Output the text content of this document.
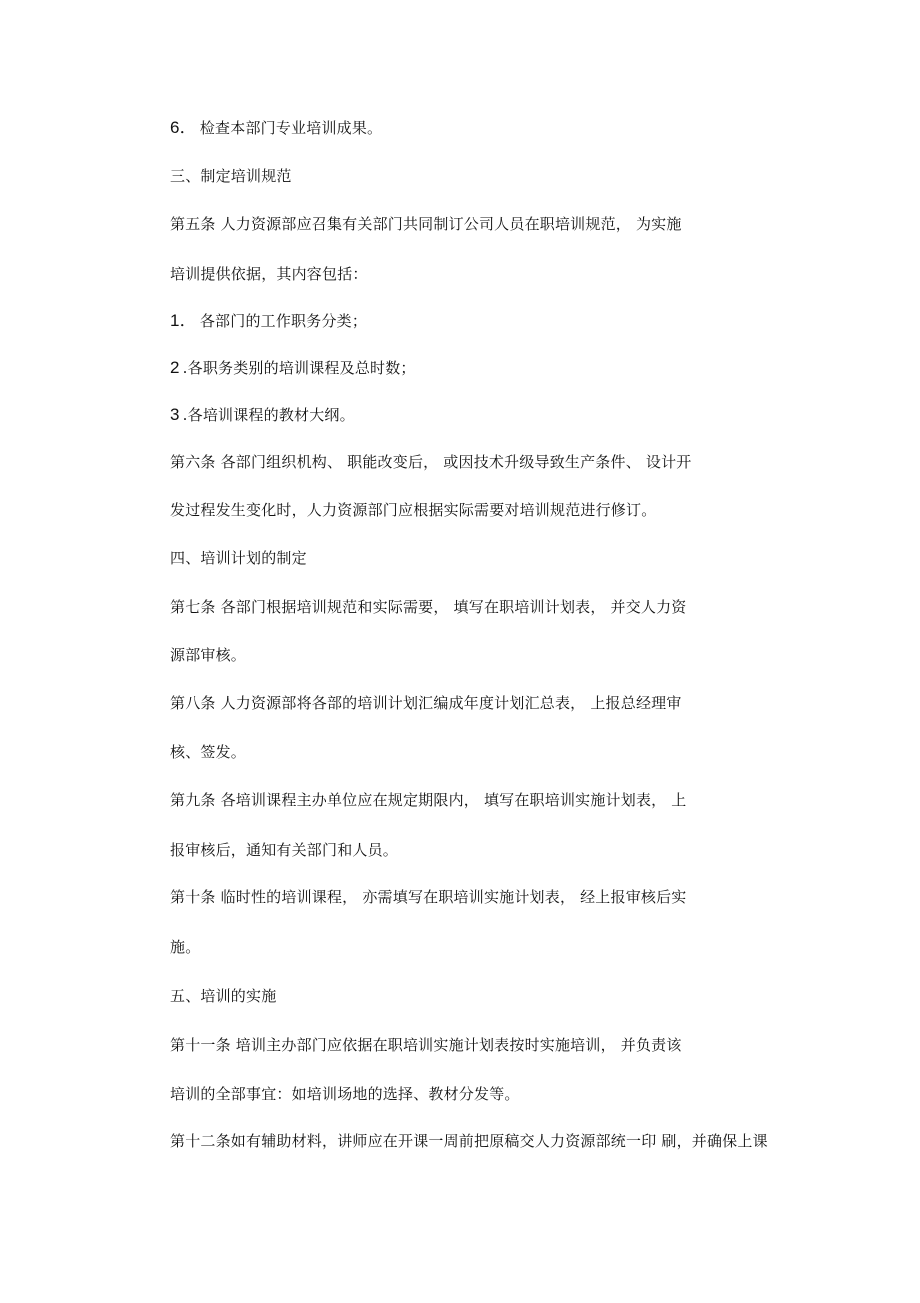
6． 检查本部门专业培训成果。
三、制定培训规范
第五条 人力资源部应召集有关部门共同制订公司人员在职培训规范， 为实施
培训提供依据，其内容包括：
1． 各部门的工作职务分类；
2 .各职务类别的培训课程及总时数；
3 .各培训课程的教材大纲。
第六条 各部门组织机构、 职能改变后， 或因技术升级导致生产条件、 设计开
发过程发生变化时，人力资源部门应根据实际需要对培训规范进行修订。
四、培训计划的制定
第七条 各部门根据培训规范和实际需要， 填写在职培训计划表， 并交人力资
源部审核。
第八条 人力资源部将各部的培训计划汇编成年度计划汇总表， 上报总经理审
核、签发。
第九条 各培训课程主办单位应在规定期限内， 填写在职培训实施计划表， 上
报审核后，通知有关部门和人员。
第十条 临时性的培训课程， 亦需填写在职培训实施计划表， 经上报审核后实
施。
五、培训的实施
第十一条 培训主办部门应依据在职培训实施计划表按时实施培训， 并负责该
培训的全部事宜：如培训场地的选择、教材分发等。
第十二条如有辅助材料，讲师应在开课一周前把原稿交人力资源部统一印 刷，并确保上课
